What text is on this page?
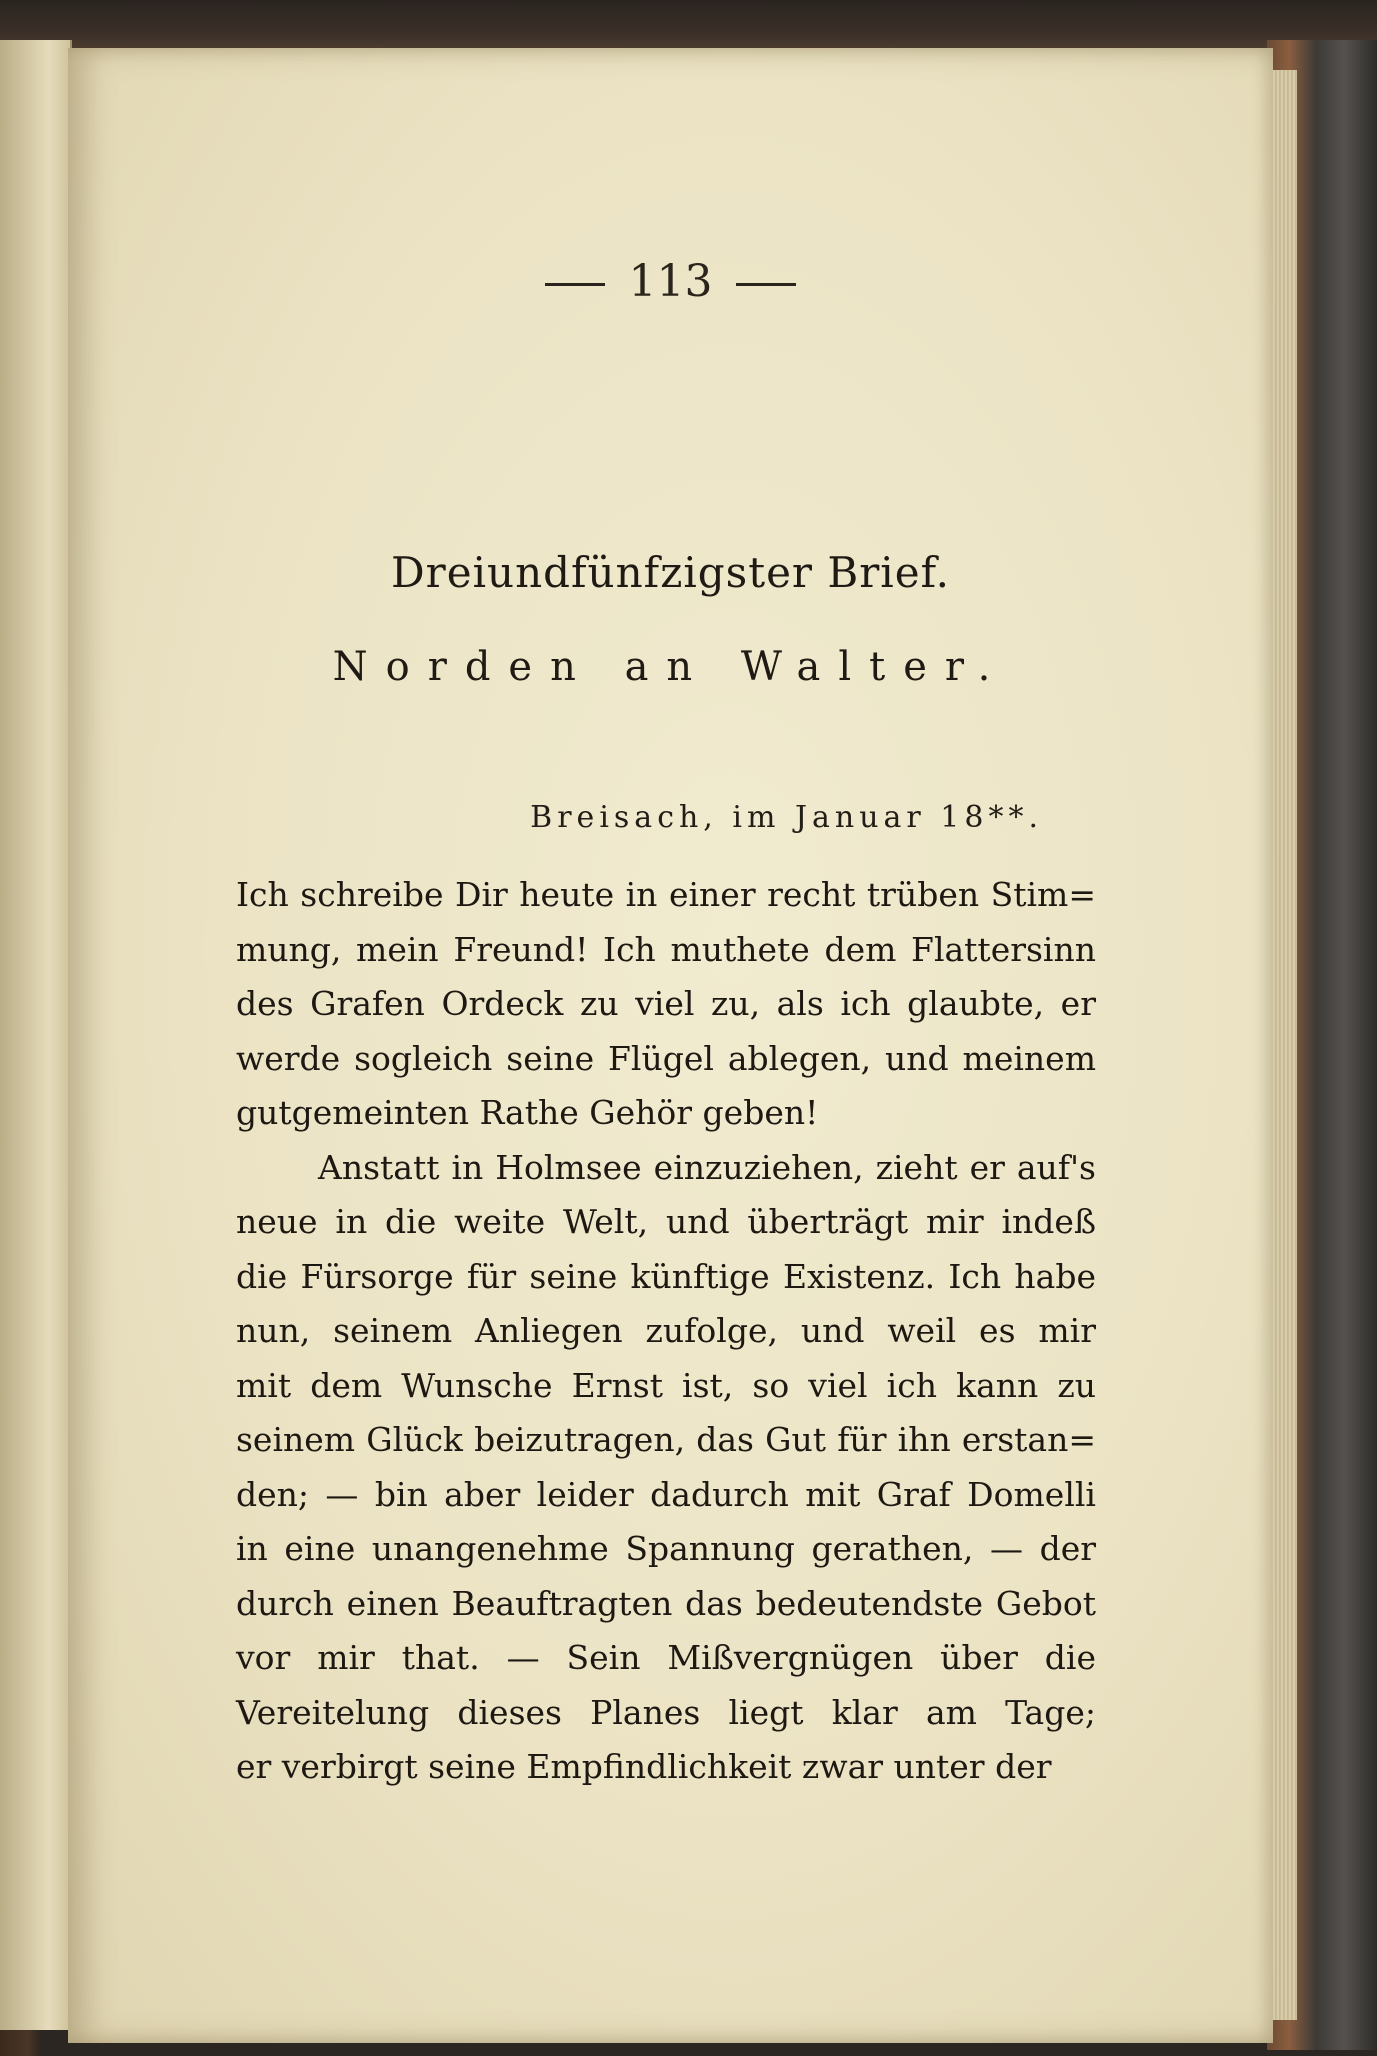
113
Dreiundfünfzigster Brief.
Norden an Walter.
Breisach, im Januar 18**.
Ich schreibe Dir heute in einer recht trüben Stim=
mung, mein Freund! Ich muthete dem Flattersinn
des Grafen Ordeck zu viel zu, als ich glaubte, er
werde sogleich seine Flügel ablegen, und meinem
gutgemeinten Rathe Gehör geben!
Anstatt in Holmsee einzuziehen, zieht er auf's
neue in die weite Welt, und überträgt mir indeß
die Fürsorge für seine künftige Existenz. Ich habe
nun, seinem Anliegen zufolge, und weil es mir
mit dem Wunsche Ernst ist, so viel ich kann zu
seinem Glück beizutragen, das Gut für ihn erstan=
den; — bin aber leider dadurch mit Graf Domelli
in eine unangenehme Spannung gerathen, — der
durch einen Beauftragten das bedeutendste Gebot
vor mir that. — Sein Mißvergnügen über die
Vereitelung dieses Planes liegt klar am Tage;
er verbirgt seine Empfindlichkeit zwar unter der
